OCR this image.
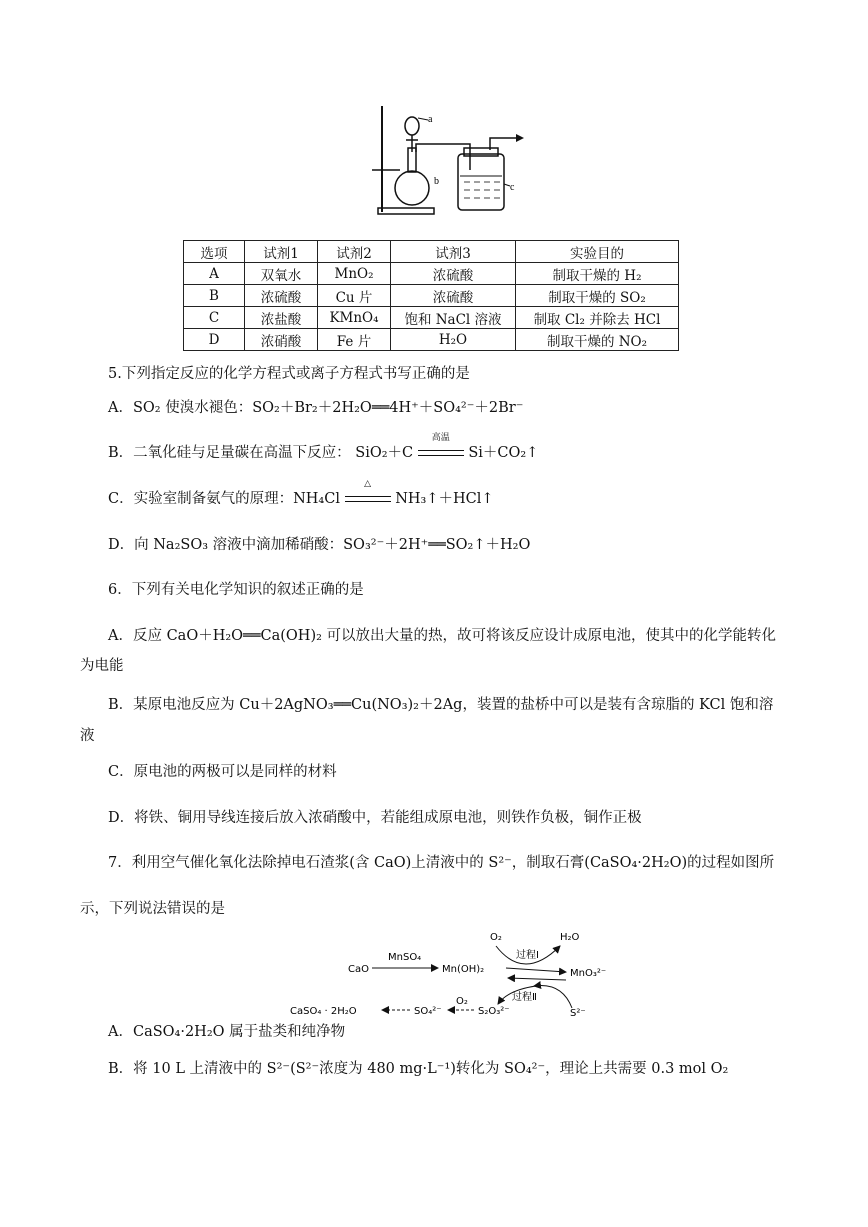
a
b
c
选项	试剂1	试剂2	试剂3	实验目的
A	双氧水	MnO₂	浓硫酸	制取干燥的 H₂
B	浓硫酸	Cu 片	浓硫酸	制取干燥的 SO₂
C	浓盐酸	KMnO₄	饱和 NaCl 溶液	制取 Cl₂ 并除去 HCl
D	浓硝酸	Fe 片	H₂O	制取干燥的 NO₂
5.下列指定反应的化学方程式或离子方程式书写正确的是
A．SO₂ 使溴水褪色：SO₂＋Br₂＋2H₂O══4H⁺＋SO₄²⁻＋2Br⁻
B．二氧化硅与足量碳在高温下反应： SiO₂＋C
高温
Si＋CO₂↑
C．实验室制备氨气的原理：NH₄Cl
△
NH₃↑＋HCl↑
D．向 Na₂SO₃ 溶液中滴加稀硝酸：SO₃²⁻＋2H⁺══SO₂↑＋H₂O
6．下列有关电化学知识的叙述正确的是
A．反应 CaO＋H₂O══Ca(OH)₂ 可以放出大量的热，故可将该反应设计成原电池，使其中的化学能转化
为电能
B．某原电池反应为 Cu＋2AgNO₃══Cu(NO₃)₂＋2Ag，装置的盐桥中可以是装有含琼脂的 KCl 饱和溶
液
C．原电池的两极可以是同样的材料
D．将铁、铜用导线连接后放入浓硝酸中，若能组成原电池，则铁作负极，铜作正极
7．利用空气催化氧化法除掉电石渣浆(含 CaO)上清液中的 S²⁻，制取石膏(CaSO₄·2H₂O)的过程如图所
示，下列说法错误的是
CaO
MnSO₄
Mn(OH)₂
O₂	H₂O
过程Ⅰ
MnO₃²⁻
过程Ⅱ
S²⁻
S₂O₃²⁻
O₂
SO₄²⁻
CaSO₄ · 2H₂O
A．CaSO₄·2H₂O 属于盐类和纯净物
B．将 10 L 上清液中的 S²⁻(S²⁻浓度为 480 mg·L⁻¹)转化为 SO₄²⁻，理论上共需要 0.3 mol O₂
